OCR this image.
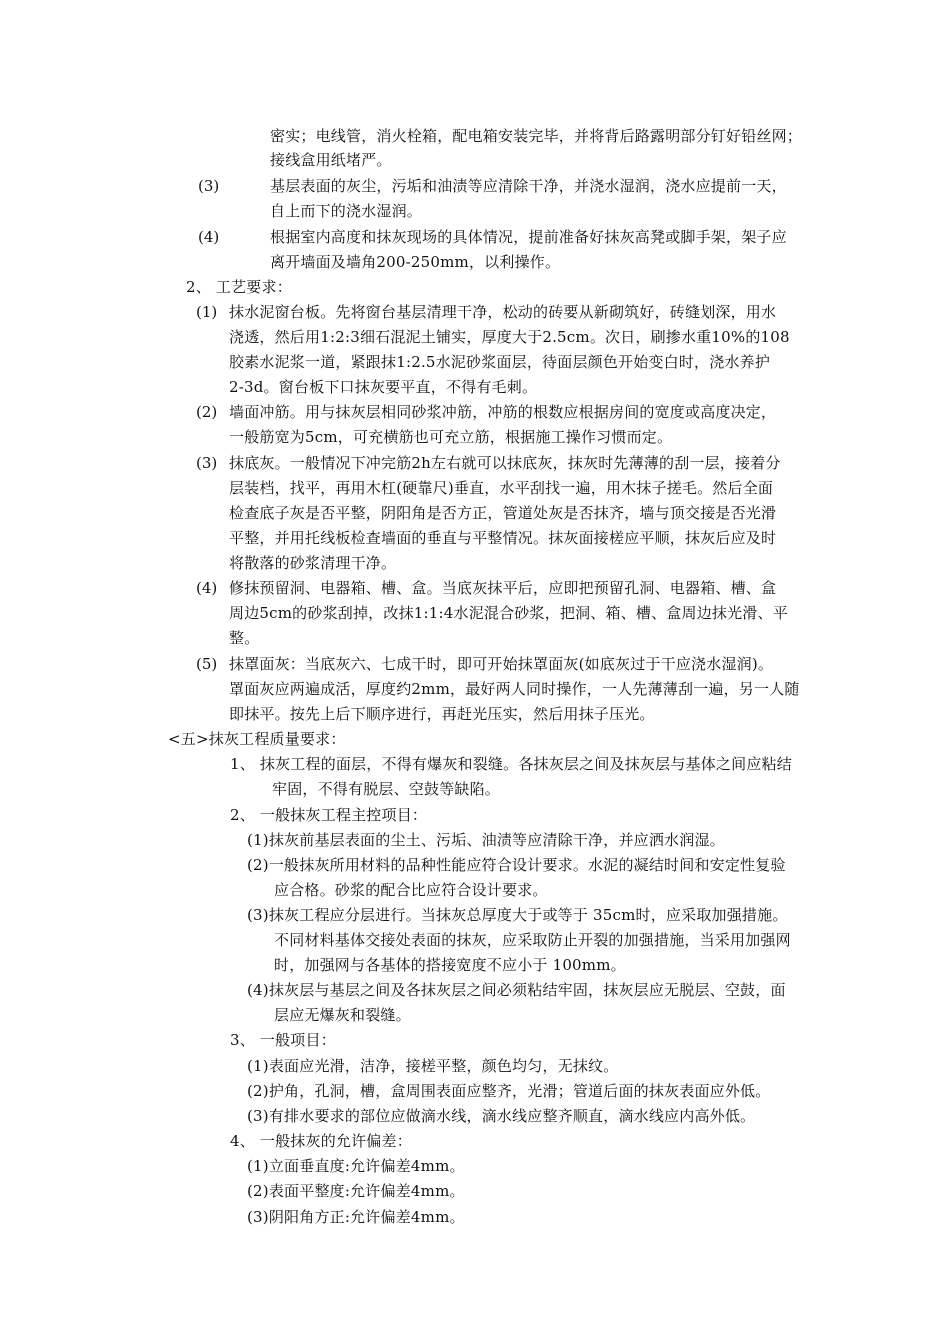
密实；电线管，消火栓箱，配电箱安装完毕，并将背后路露明部分钉好铅丝网；
接线盒用纸堵严。
(3)	基层表面的灰尘，污垢和油渍等应清除干净，并浇水湿润，浇水应提前一天，
自上而下的浇水湿润。
(4)	根据室内高度和抹灰现场的具体情况，提前准备好抹灰高凳或脚手架，架子应
离开墙面及墙角200-250mm，以利操作。
2、 工艺要求：
(1) 抹水泥窗台板。先将窗台基层清理干净，松动的砖要从新砌筑好，砖缝划深，用水
浇透，然后用1:2:3细石混泥土铺实，厚度大于2.5cm。次日，刷掺水重10%的108
胶素水泥浆一道，紧跟抹1:2.5水泥砂浆面层，待面层颜色开始变白时，浇水养护
2-3d。窗台板下口抹灰要平直，不得有毛刺。
(2) 墙面冲筋。用与抹灰层相同砂浆冲筋，冲筋的根数应根据房间的宽度或高度决定，
一般筋宽为5cm，可充横筋也可充立筋，根据施工操作习惯而定。
(3) 抹底灰。一般情况下冲完筋2h左右就可以抹底灰，抹灰时先薄薄的刮一层，接着分
层装档，找平，再用木杠(硬靠尺)垂直，水平刮找一遍，用木抹子搓毛。然后全面
检查底子灰是否平整，阴阳角是否方正，管道处灰是否抹齐，墙与顶交接是否光滑
平整，并用托线板检查墙面的垂直与平整情况。抹灰面接槎应平顺，抹灰后应及时
将散落的砂浆清理干净。
(4) 修抹预留洞、电器箱、槽、盒。当底灰抹平后，应即把预留孔洞、电器箱、槽、盒
周边5cm的砂浆刮掉，改抹1:1:4水泥混合砂浆，把洞、箱、槽、盒周边抹光滑、平
整。
(5) 抹罩面灰：当底灰六、七成干时，即可开始抹罩面灰(如底灰过于干应浇水湿润)。
罩面灰应两遍成活，厚度约2mm，最好两人同时操作，一人先薄薄刮一遍，另一人随
即抹平。按先上后下顺序进行，再赶光压实，然后用抹子压光。
<五>抹灰工程质量要求：
1、 抹灰工程的面层，不得有爆灰和裂缝。各抹灰层之间及抹灰层与基体之间应粘结
牢固，不得有脱层、空鼓等缺陷。
2、 一般抹灰工程主控项目：
(1)抹灰前基层表面的尘土、污垢、油渍等应清除干净，并应洒水润湿。
(2)一般抹灰所用材料的品种性能应符合设计要求。水泥的凝结时间和安定性复验
应合格。砂浆的配合比应符合设计要求。
(3)抹灰工程应分层进行。当抹灰总厚度大于或等于 35cm时，应采取加强措施。
不同材料基体交接处表面的抹灰，应采取防止开裂的加强措施，当采用加强网
时，加强网与各基体的搭接宽度不应小于 100mm。
(4)抹灰层与基层之间及各抹灰层之间必须粘结牢固，抹灰层应无脱层、空鼓，面
层应无爆灰和裂缝。
3、 一般项目：
(1)表面应光滑，洁净，接槎平整，颜色均匀，无抹纹。
(2)护角，孔洞，槽，盒周围表面应整齐，光滑；管道后面的抹灰表面应外低。
(3)有排水要求的部位应做滴水线，滴水线应整齐顺直，滴水线应内高外低。
4、 一般抹灰的允许偏差：
(1)立面垂直度:允许偏差4mm。
(2)表面平整度:允许偏差4mm。
(3)阴阳角方正:允许偏差4mm。
